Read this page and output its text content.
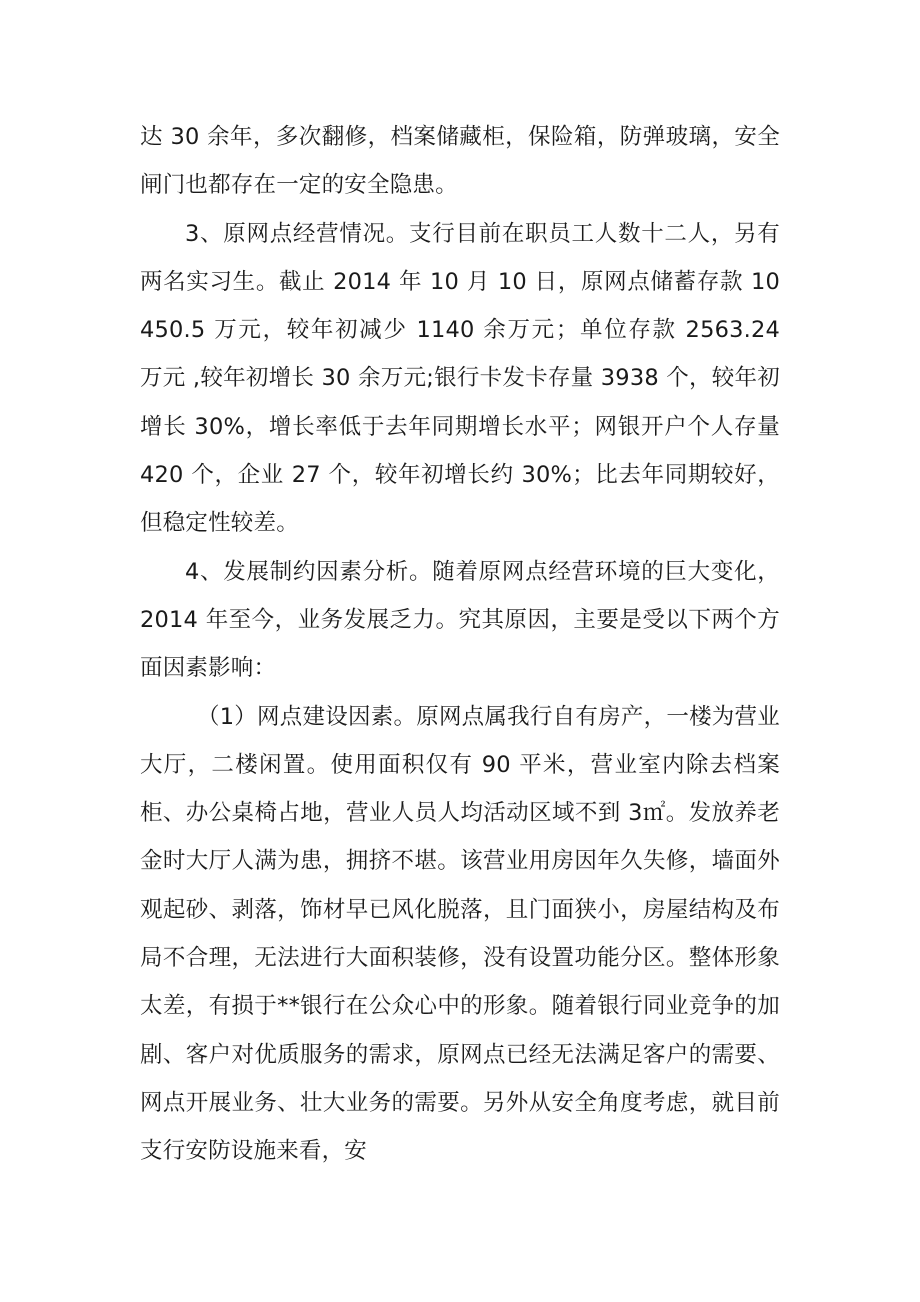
达 30 余年，多次翻修，档案储藏柜，保险箱，防弹玻璃，安全闸门也都存在一定的安全隐患。

3、原网点经营情况。支行目前在职员工人数十二人，另有两名实习生。截止 2014 年 10 月 10 日，原网点储蓄存款 10450.5 万元，较年初减少 1140 余万元；单位存款 2563.24 万元 ,较年初增长 30 余万元;银行卡发卡存量 3938 个，较年初增长 30%，增长率低于去年同期增长水平；网银开户个人存量 420 个，企业 27 个，较年初增长约 30%；比去年同期较好，但稳定性较差。

4、发展制约因素分析。随着原网点经营环境的巨大变化，2014 年至今，业务发展乏力。究其原因，主要是受以下两个方面因素影响：

（1）网点建设因素。原网点属我行自有房产，一楼为营业大厅，二楼闲置。使用面积仅有 90 平米，营业室内除去档案柜、办公桌椅占地，营业人员人均活动区域不到 3㎡。发放养老金时大厅人满为患，拥挤不堪。该营业用房因年久失修，墙面外观起砂、剥落，饰材早已风化脱落，且门面狭小，房屋结构及布局不合理，无法进行大面积装修，没有设置功能分区。整体形象太差，有损于**银行在公众心中的形象。随着银行同业竞争的加剧、客户对优质服务的需求，原网点已经无法满足客户的需要、网点开展业务、壮大业务的需要。另外从安全角度考虑，就目前支行安防设施来看，安
